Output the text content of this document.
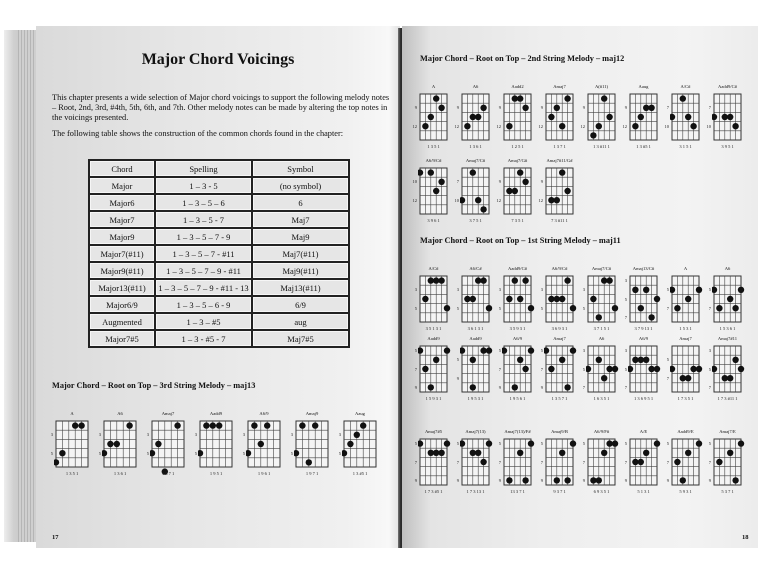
Major Chord Voicings

This chapter presents a wide selection of Major chord voicings to support the following melody notes – Root, 2nd, 3rd, #4th, 5th, 6th, and 7th. Other melody notes can be made by altering the top notes in the voicings presented.

The following table shows the construction of the common chords found in the chapter:

Chord	Spelling	Symbol
Major	1 – 3 - 5	(no symbol)
Major6	1 – 3 – 5 – 6	6
Major7	1 – 3 – 5 - 7	Maj7
Major9	1 – 3 – 5 – 7 - 9	Maj9
Major7(#11)	1 – 3 – 5 – 7 - #11	Maj7(#11)
Major9(#11)	1 – 3 – 5 – 7 – 9 - #11	Maj9(#11)
Major13(#11)	1 – 3 – 5 – 7 – 9 - #11 - 13	Maj13(#11)
Major6/9	1 – 3 – 5 – 6 - 9	6/9
Augmented	1 – 3 – #5	aug
Major7#5	1 – 3 - #5 - 7	Maj7#5
Major Chord – Root on Top – 3rd String Melody – maj13
A
3
5
1 3 5 1
A6
3
5
1 3 6 1
Amaj7
3
5
1 3 7 1
Aadd9
3
5
1 9 5 1
A6/9
3
5
1 9 6 1
Amaj9
3
5
1 9 7 1
Aaug
3
5
1 3 #5 1
17
Major Chord – Root on Top – 2nd String Melody – maj12
A
9
12
1 3 5 1
A6
9
12
1 3 6 1
Aadd2
9
12
1 2 5 1
Amaj7
9
12
1 3 7 1
A(#11)
9
12
1 3 #11 1
Aaug
9
12
1 3 #5 1
A/C#
7
10
3 1 5 1
Aadd9/C#
7
10
3 9 5 1
A6/9/C#
10
12
3 9 6 1
Amaj7/C#
7
10
3 7 5 1
Amaj7/G#
9
12
7 3 5 1
Amaj7#11/G#
9
12
7 3 #11 1
Major Chord – Root on Top – 1st String Melody – maj11
A/C#
3
5
3 5 1 3 1
A6/C#
3
5
3 6 1 3 1
Aadd9/C#
3
5
3 5 9 3 1
A6/9/C#
3
5
3 6 9 3 1
Amaj7/C#
3
5
3 7 1 5 1
Amaj13/C#
3
5
7
3 7 9 13 1
A
5
7
1 5 3 1
A6
5
7
1 5 3 6 1
Aadd9
5
7
9
1 5 9 3 1
Aadd9
5
9
1 9 5 3 1
A6/9
5
7
9
1 9 5 6 1
Amaj7
5
7
9
1 3 5 7 1
A6
3
5
7
1 6 3 5 1
A6/9
3
5
7
1 3 6 9 5 1
Amaj7
5
7
1 7 3 5 1
Amaj7#11
3
5
7
1 7 3 #11 1
Amaj7#5
5
7
9
1 7 3 #5 1
Amaj7(13)
5
7
9
1 7 3 13 1
Amaj7(13)/F#
5
7
9
13 3 7 1
Amaj9/B
5
7
9
9 3 7 1
A6/9/F#
5
7
9
6 9 3 5 1
A/E
5
7
9
5 1 3 1
Aadd9/E
5
7
9
5 9 3 1
Amaj7/E
5
7
9
5 3 7 1
18
